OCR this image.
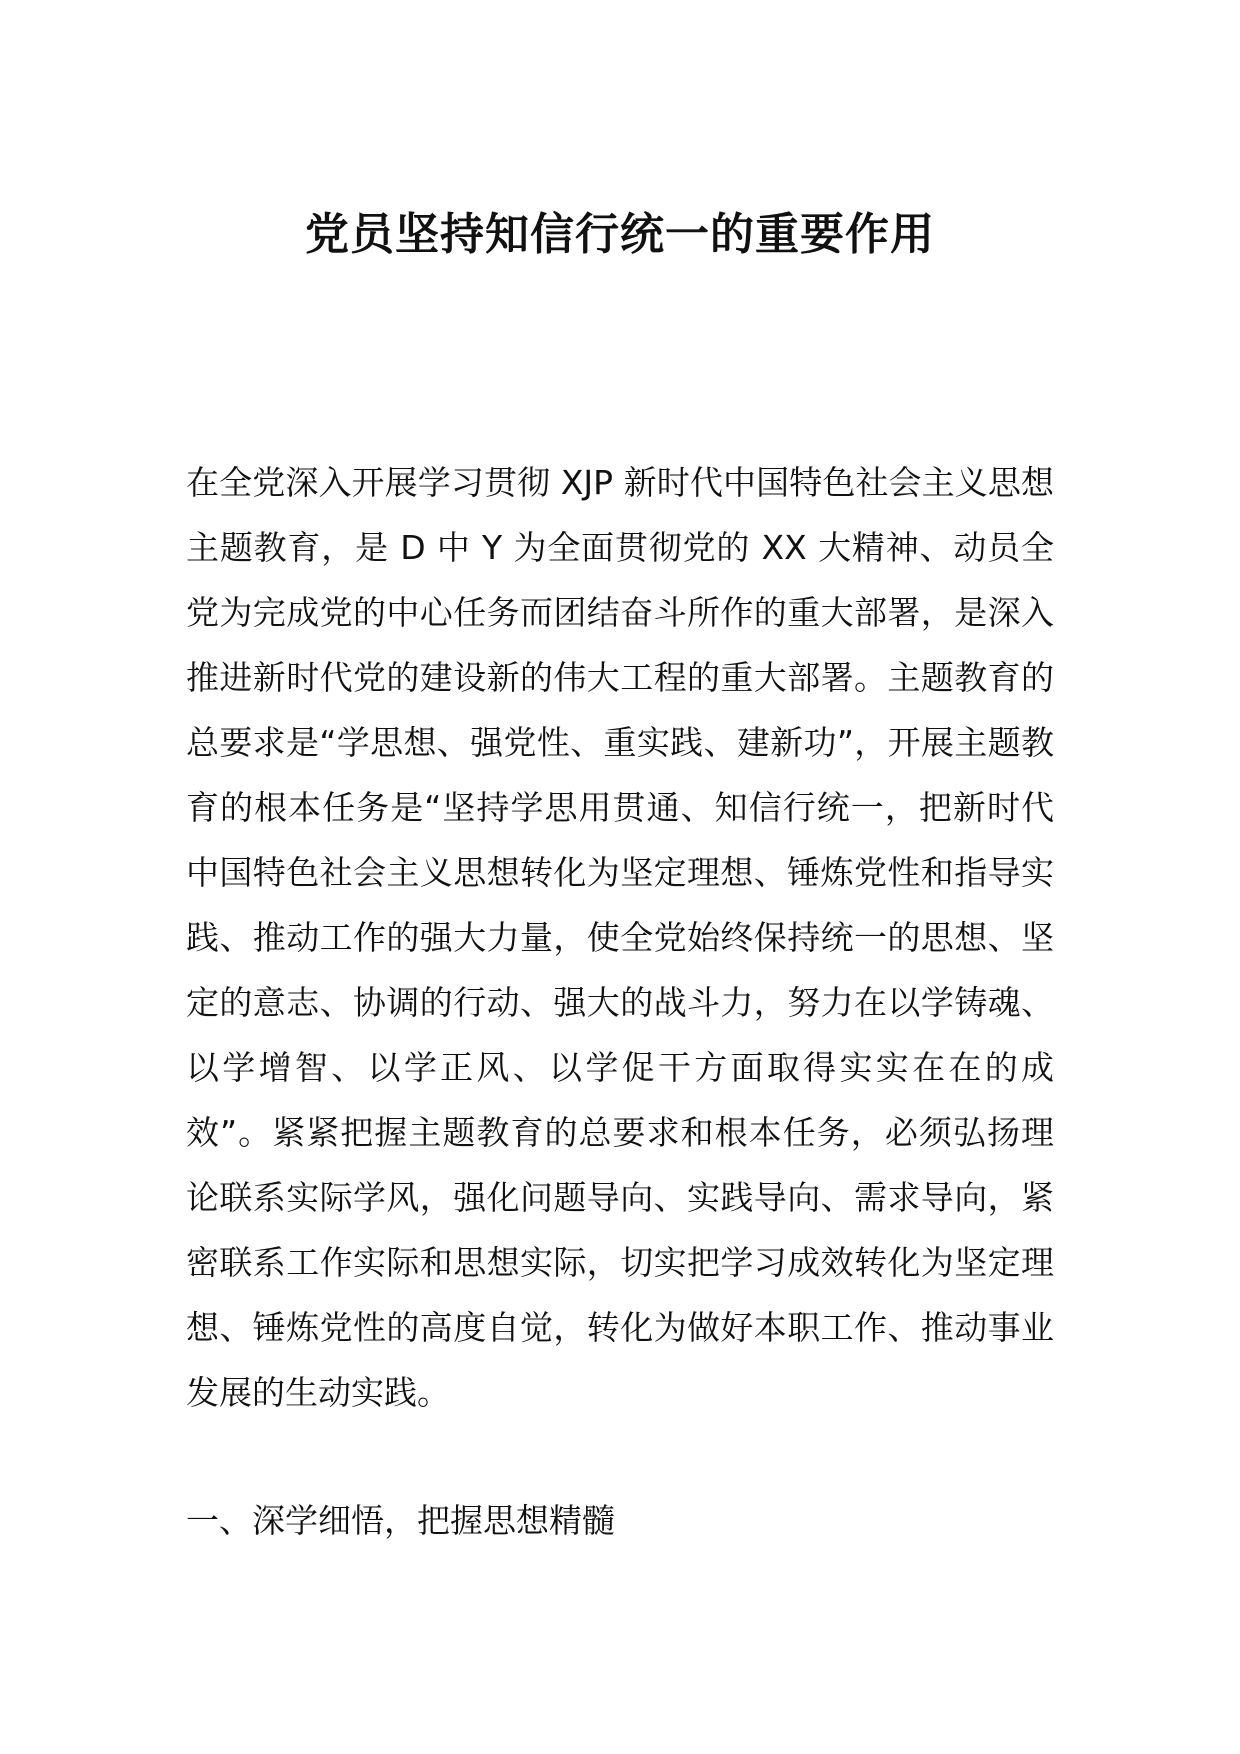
党员坚持知信行统一的重要作用

在全党深入开展学习贯彻 XJP 新时代中国特色社会主义思想主题教育，是 D 中 Y 为全面贯彻党的 XX 大精神、动员全党为完成党的中心任务而团结奋斗所作的重大部署，是深入推进新时代党的建设新的伟大工程的重大部署。主题教育的总要求是“学思想、强党性、重实践、建新功”，开展主题教育的根本任务是“坚持学思用贯通、知信行统一，把新时代中国特色社会主义思想转化为坚定理想、锤炼党性和指导实践、推动工作的强大力量，使全党始终保持统一的思想、坚定的意志、协调的行动、强大的战斗力，努力在以学铸魂、以学增智、以学正风、以学促干方面取得实实在在的成效”。紧紧把握主题教育的总要求和根本任务，必须弘扬理论联系实际学风，强化问题导向、实践导向、需求导向，紧密联系工作实际和思想实际，切实把学习成效转化为坚定理想、锤炼党性的高度自觉，转化为做好本职工作、推动事业发展的生动实践。

一、深学细悟，把握思想精髓
